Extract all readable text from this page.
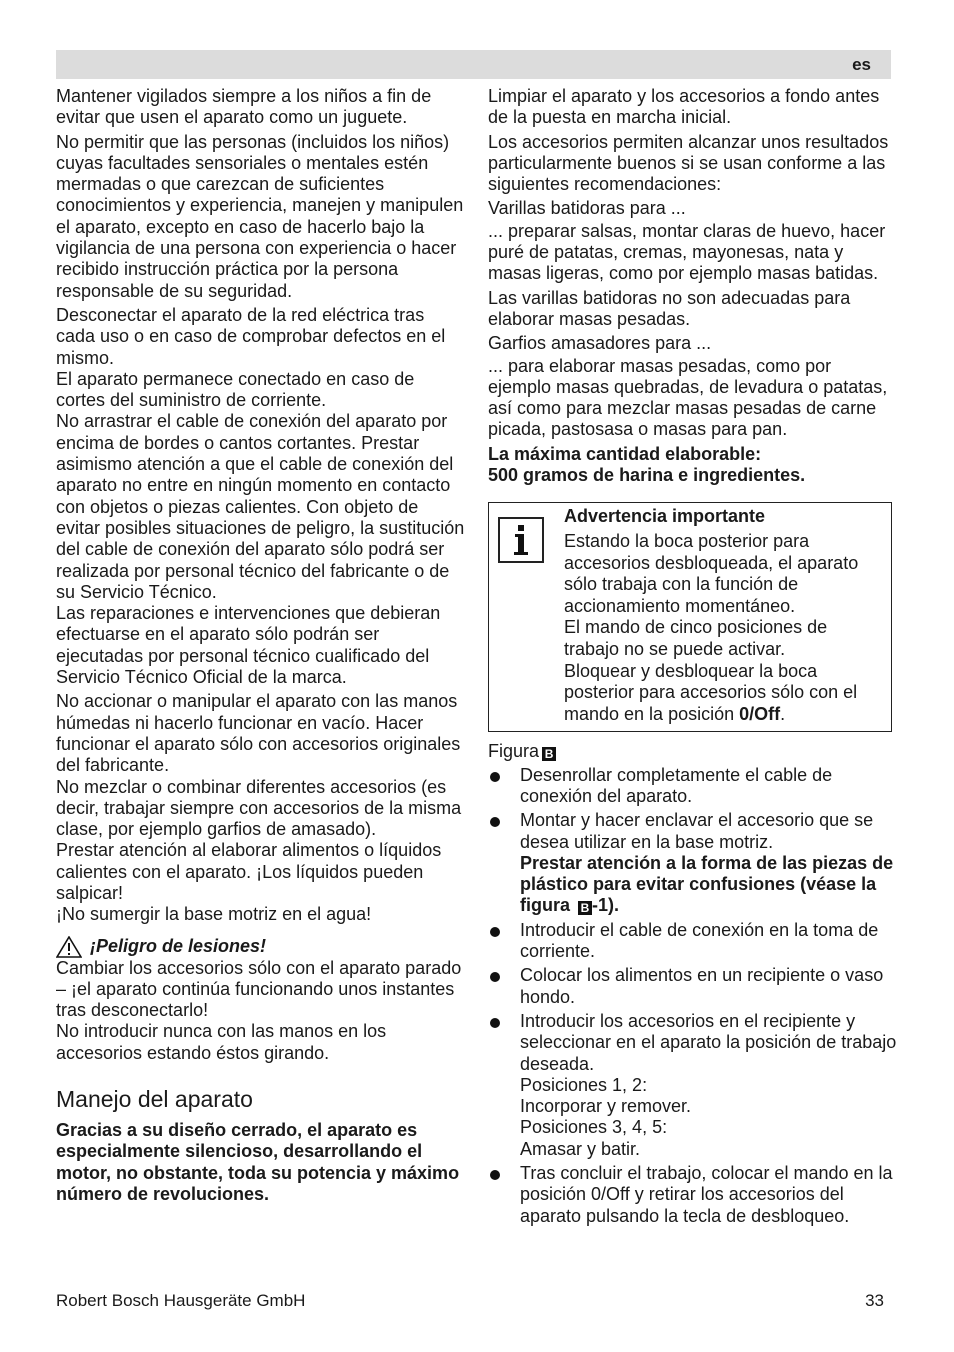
es

Mantener vigilados siempre a los niños a fin de evitar que usen el aparato como un juguete.

No permitir que las personas (incluidos los niños) cuyas facultades sensoriales o mentales estén mermadas o que carezcan de suficientes conocimientos y experiencia, manejen y manipulen el aparato, excepto en caso de hacerlo bajo la vigilancia de una persona con experiencia o hacer recibido instrucción práctica por la persona responsable de su seguridad.

Desconectar el aparato de la red eléctrica tras cada uso o en caso de comprobar defectos en el mismo.

El aparato permanece conectado en caso de cortes del suministro de corriente.

No arrastrar el cable de conexión del aparato por encima de bordes o cantos cortantes. Prestar asimismo atención a que el cable de conexión del aparato no entre en ningún momento en contacto con objetos o piezas calientes. Con objeto de evitar posibles situaciones de peligro, la sustitución del cable de conexión del aparato sólo podrá ser realizada por personal técnico del fabricante o de su Servicio Técnico.

Las reparaciones e intervenciones que debieran efectuarse en el aparato sólo podrán ser ejecutadas por personal técnico cualificado del Servicio Técnico Oficial de la marca.

No accionar o manipular el aparato con las manos húmedas ni hacerlo funcionar en vacío. Hacer funcionar el aparato sólo con accesorios originales del fabricante.

No mezclar o combinar diferentes accesorios (es decir, trabajar siempre con accesorios de la misma clase, por ejemplo garfios de amasado).

Prestar atención al elaborar alimentos o líquidos calientes con el aparato. ¡Los líquidos pueden salpicar!

¡No sumergir la base motriz en el agua!

¡Peligro de lesiones!

Cambiar los accesorios sólo con el aparato parado – ¡el aparato continúa funcionando unos instantes tras desconectarlo!

No introducir nunca con las manos en los accesorios estando éstos girando.

Manejo del aparato

Gracias a su diseño cerrado, el aparato es especialmente silencioso, desarrollando el motor, no obstante, toda su potencia y máximo número de revoluciones.

Limpiar el aparato y los accesorios a fondo antes de la puesta en marcha inicial.

Los accesorios permiten alcanzar unos resultados particularmente buenos si se usan conforme a las siguientes recomendaciones:

Varillas batidoras para ...

... preparar salsas, montar claras de huevo, hacer puré de patatas, cremas, mayonesas, nata y masas ligeras, como por ejemplo masas batidas.

Las varillas batidoras no son adecuadas para elaborar masas pesadas.

Garfios amasadores para ...

... para elaborar masas pesadas, como por ejemplo masas quebradas, de levadura o patatas, así como para mezclar masas pesadas de carne picada, pastosasa o masas para pan.

La máxima cantidad elaborable:

500 gramos de harina e ingredientes.

Advertencia importante
Estando la boca posterior para accesorios desbloqueada, el aparato sólo trabaja con la función de accionamiento momentáneo.
El mando de cinco posiciones de trabajo no se puede activar.
Bloquear y desbloquear la boca posterior para accesorios sólo con el mando en la posición 0/Off.
Figura B
Desenrollar completamente el cable de conexión del aparato.
Montar y hacer enclavar el accesorio que se desea utilizar en la base motriz.
Prestar atención a la forma de las piezas de plástico para evitar confusiones (véase la figura B -1).
Introducir el cable de conexión en la toma de corriente.
Colocar los alimentos en un recipiente o vaso hondo.
Introducir los accesorios en el recipiente y seleccionar en el aparato la posición de trabajo deseada.
Posiciones 1, 2:
Incorporar y remover.
Posiciones 3, 4, 5:
Amasar y batir.
Tras concluir el trabajo, colocar el mando en la posición 0/Off y retirar los accesorios del aparato pulsando la tecla de desbloqueo.
Robert Bosch Hausgeräte GmbH	33
